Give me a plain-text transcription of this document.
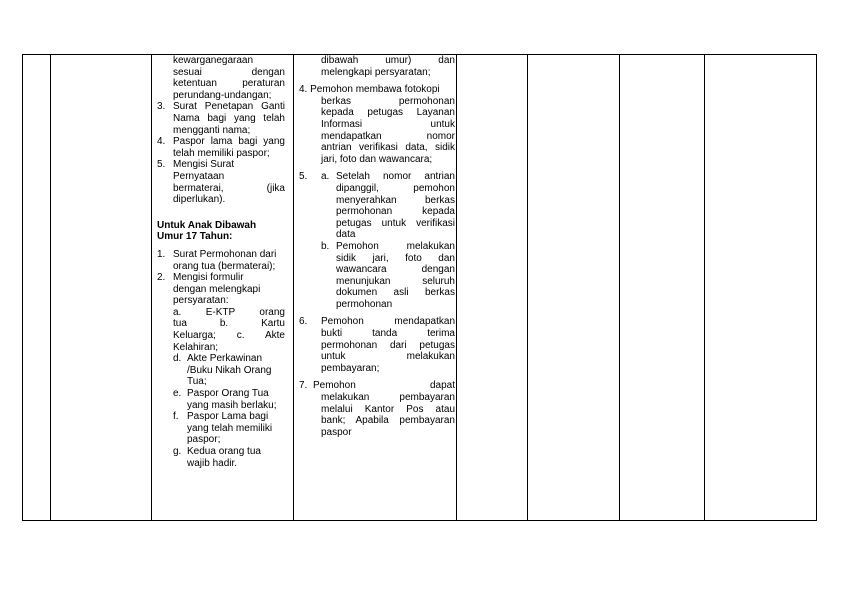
kewarganegaraan

sesuai dengan

ketentuan peraturan

perundang-undangan;

3. Surat Penetapan Ganti

Nama bagi yang telah

mengganti nama;

4. Paspor lama bagi yang

telah memiliki paspor;

5. Mengisi Surat

Pernyataan

bermaterai, (jika

diperlukan).

Untuk Anak Dibawah

Umur 17 Tahun:

1. Surat Permohonan dari

orang tua (bermaterai);

2. Mengisi formulir

dengan melengkapi

persyaratan:

a. E-KTP orang

tua b. Kartu

Keluarga; c. Akte

Kelahiran;

d. Akte Perkawinan

/Buku Nikah Orang

Tua;

e. Paspor Orang Tua

yang masih berlaku;

f. Paspor Lama bagi

yang telah memiliki

paspor;

g. Kedua orang tua

wajib hadir.

dibawah umur) dan

melengkapi persyaratan;

4. Pemohon membawa fotokopi

berkas permohonan

kepada petugas Layanan

Informasi untuk

mendapatkan nomor

antrian verifikasi data, sidik

jari, foto dan wawancara;

5.	a. Setelah nomor antrian

dipanggil, pemohon

menyerahkan berkas

permohonan kepada

petugas untuk verifikasi

data

b. Pemohon melakukan

sidik jari, foto dan

wawancara dengan

menunjukan seluruh

dokumen asli berkas

permohonan

6.	Pemohon mendapatkan

bukti tanda terima

permohonan dari petugas

untuk melakukan

pembayaran;

7. Pemohon dapat

melakukan pembayaran

melalui Kantor Pos atau

bank; Apabila pembayaran

paspor
